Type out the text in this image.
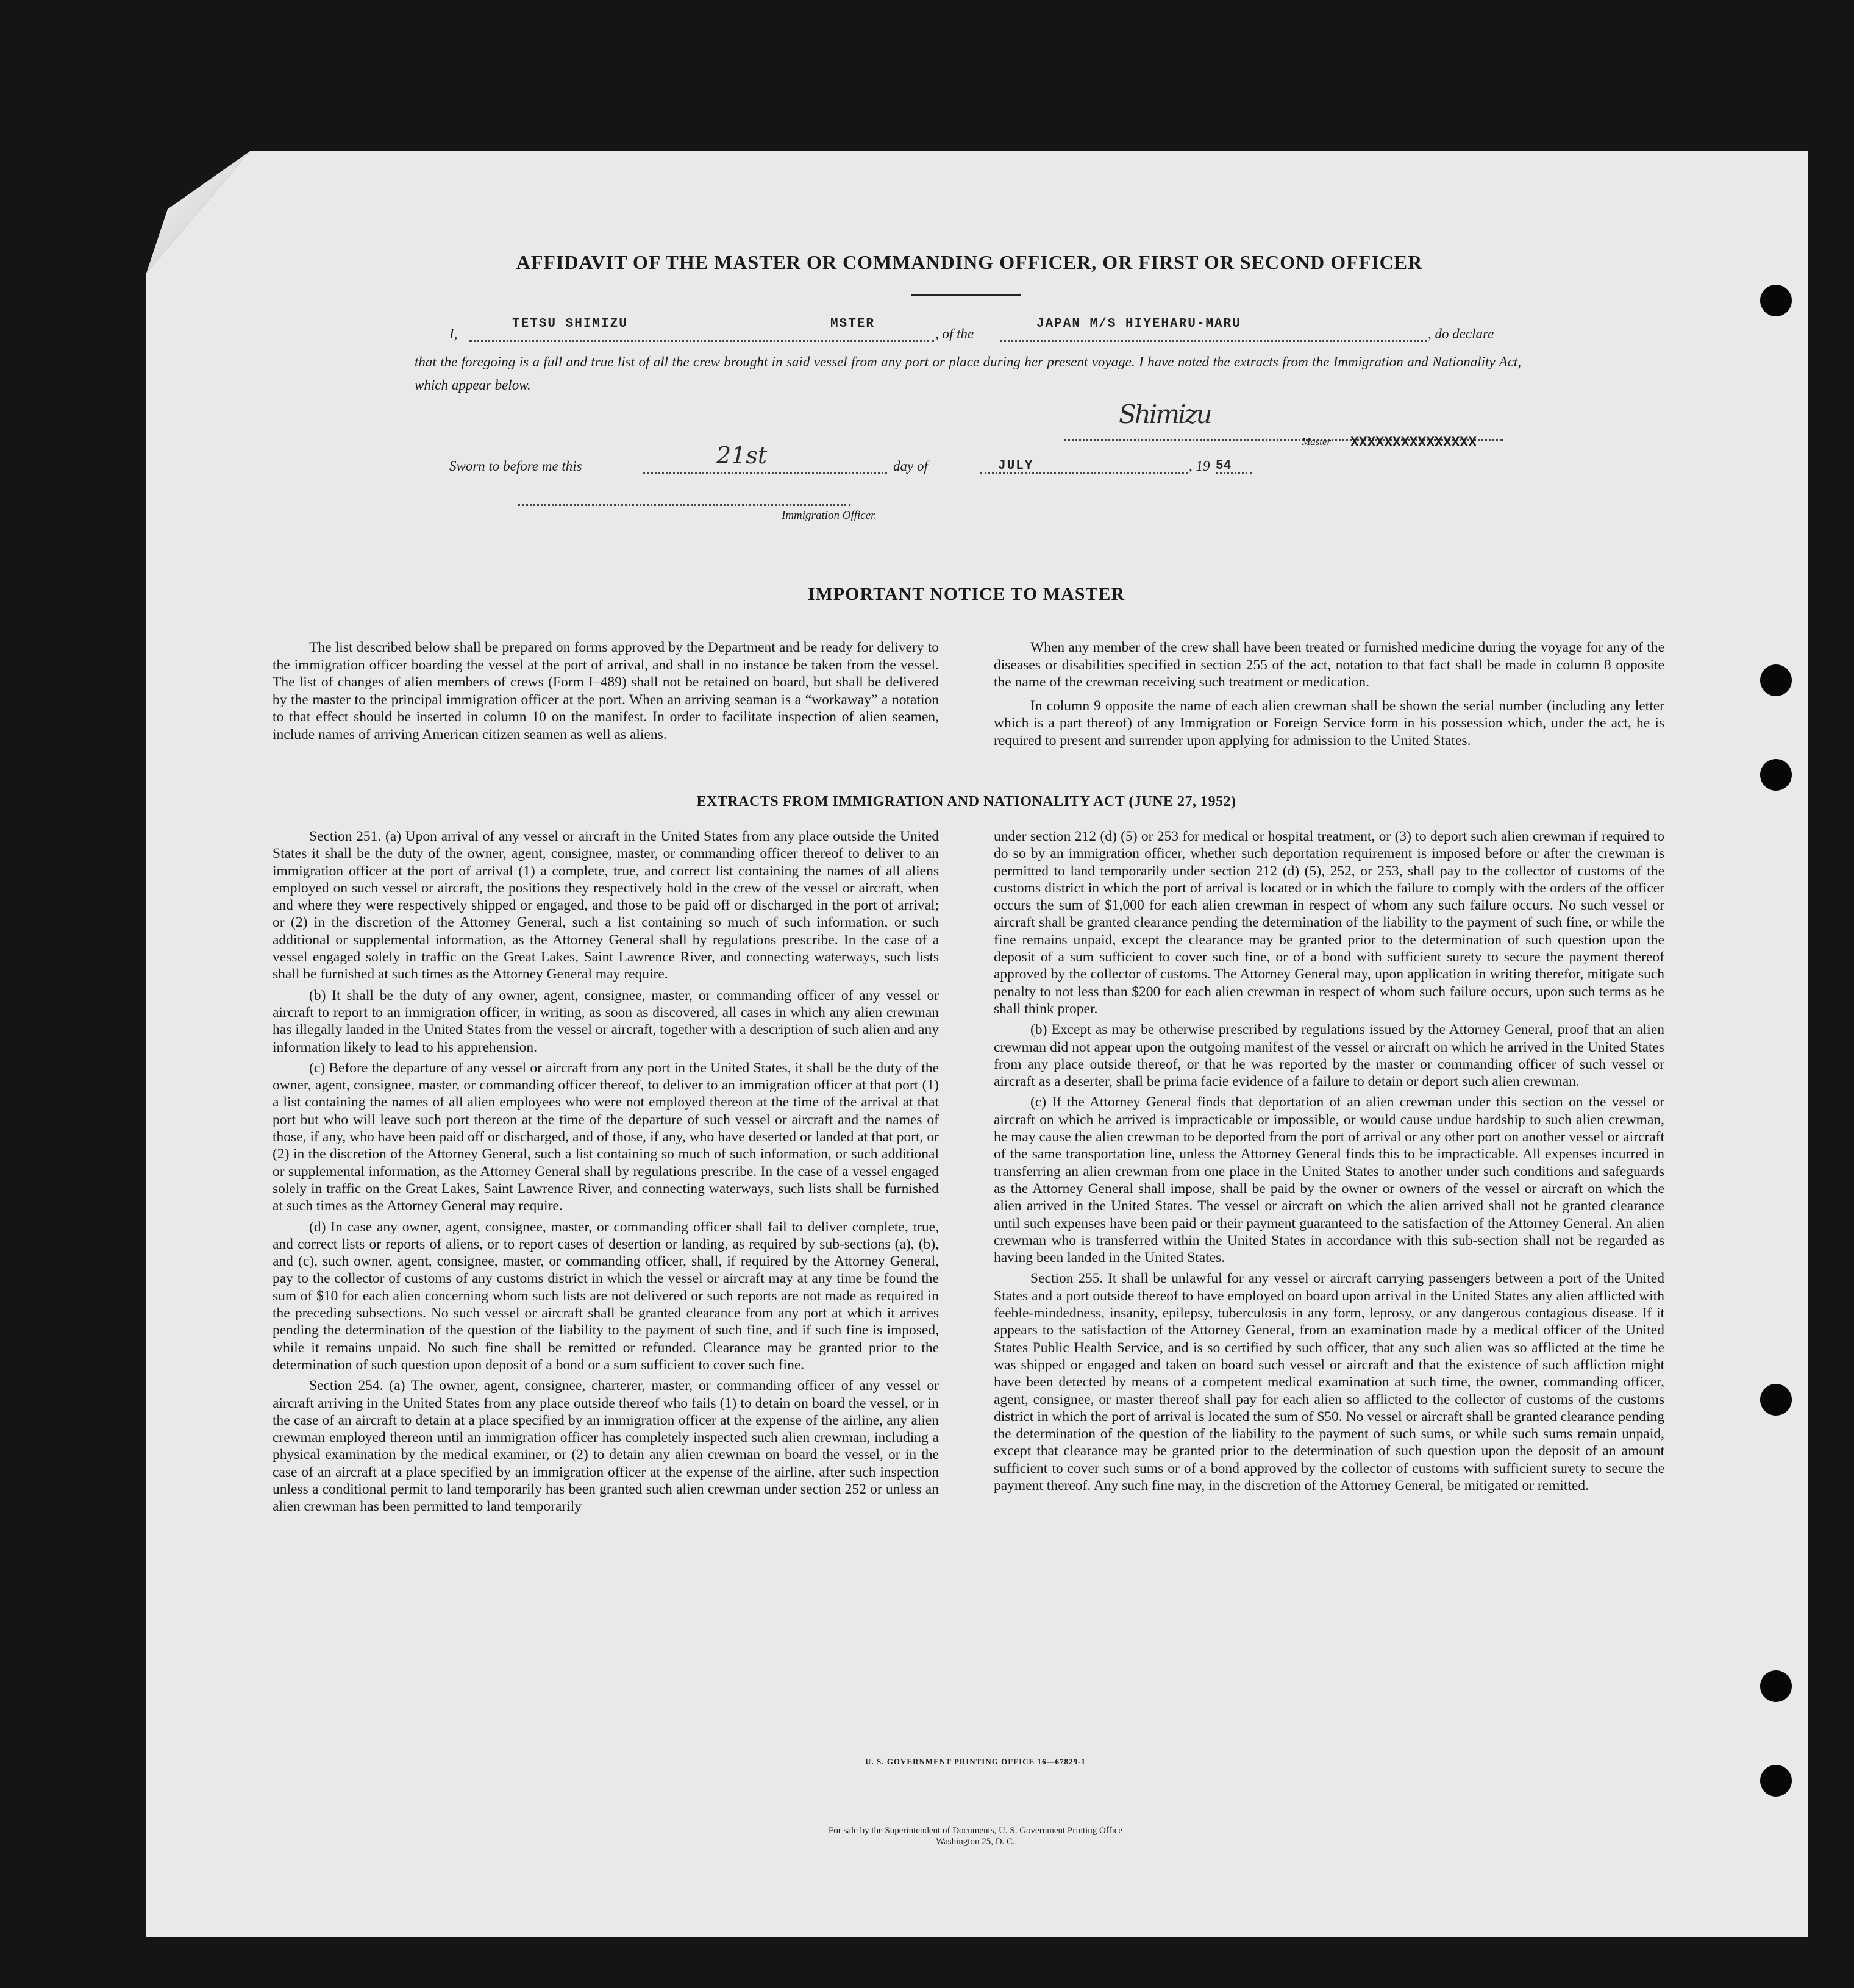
AFFIDAVIT OF THE MASTER OR COMMANDING OFFICER, OR FIRST OR SECOND OFFICER
I,
TETSU SHIMIZU	MSTER
, of the
JAPAN M/S HIYEHARU-MARU
, do declare
that the foregoing is a full and true list of all the crew brought in said vessel from any port or place during her present voyage. I have noted the extracts from the Immigration and Nationality Act, which appear below.
Shimizu
Master XXXXXXXXXXXXXXX
Sworn to before me this	21st	day of	JULY	, 19 54
Immigration Officer.
IMPORTANT NOTICE TO MASTER

The list described below shall be prepared on forms approved by the Department and be ready for delivery to the immigration officer boarding the vessel at the port of arrival, and shall in no instance be taken from the vessel. The list of changes of alien members of crews (Form I–489) shall not be retained on board, but shall be delivered by the master to the principal immigration officer at the port. When an arriving seaman is a “workaway” a notation to that effect should be inserted in column 10 on the manifest. In order to facilitate inspection of alien seamen, include names of arriving American citizen seamen as well as aliens.

When any member of the crew shall have been treated or furnished medicine during the voyage for any of the diseases or disabilities specified in section 255 of the act, notation to that fact shall be made in column 8 opposite the name of the crewman receiving such treatment or medication.

In column 9 opposite the name of each alien crewman shall be shown the serial number (including any letter which is a part thereof) of any Immigration or Foreign Service form in his possession which, under the act, he is required to present and surrender upon applying for admission to the United States.

EXTRACTS FROM IMMIGRATION AND NATIONALITY ACT (JUNE 27, 1952)

Section 251. (a) Upon arrival of any vessel or aircraft in the United States from any place outside the United States it shall be the duty of the owner, agent, consignee, master, or commanding officer thereof to deliver to an immigration officer at the port of arrival (1) a complete, true, and correct list containing the names of all aliens employed on such vessel or aircraft, the positions they respectively hold in the crew of the vessel or aircraft, when and where they were respectively shipped or engaged, and those to be paid off or discharged in the port of arrival; or (2) in the discretion of the Attorney General, such a list containing so much of such information, or such additional or supplemental information, as the Attorney General shall by regulations prescribe. In the case of a vessel engaged solely in traffic on the Great Lakes, Saint Lawrence River, and connecting waterways, such lists shall be furnished at such times as the Attorney General may require.

(b) It shall be the duty of any owner, agent, consignee, master, or commanding officer of any vessel or aircraft to report to an immigration officer, in writing, as soon as discovered, all cases in which any alien crewman has illegally landed in the United States from the vessel or aircraft, together with a description of such alien and any information likely to lead to his apprehension.

(c) Before the departure of any vessel or aircraft from any port in the United States, it shall be the duty of the owner, agent, consignee, master, or commanding officer thereof, to deliver to an immigration officer at that port (1) a list containing the names of all alien employees who were not employed thereon at the time of the arrival at that port but who will leave such port thereon at the time of the departure of such vessel or aircraft and the names of those, if any, who have been paid off or discharged, and of those, if any, who have deserted or landed at that port, or (2) in the discretion of the Attorney General, such a list containing so much of such information, or such additional or supplemental information, as the Attorney General shall by regulations prescribe. In the case of a vessel engaged solely in traffic on the Great Lakes, Saint Lawrence River, and connecting waterways, such lists shall be furnished at such times as the Attorney General may require.

(d) In case any owner, agent, consignee, master, or commanding officer shall fail to deliver complete, true, and correct lists or reports of aliens, or to report cases of desertion or landing, as required by sub-sections (a), (b), and (c), such owner, agent, consignee, master, or commanding officer, shall, if required by the Attorney General, pay to the collector of customs of any customs district in which the vessel or aircraft may at any time be found the sum of $10 for each alien concerning whom such lists are not delivered or such reports are not made as required in the preceding subsections. No such vessel or aircraft shall be granted clearance from any port at which it arrives pending the determination of the question of the liability to the payment of such fine, and if such fine is imposed, while it remains unpaid. No such fine shall be remitted or refunded. Clearance may be granted prior to the determination of such question upon deposit of a bond or a sum sufficient to cover such fine.

Section 254. (a) The owner, agent, consignee, charterer, master, or commanding officer of any vessel or aircraft arriving in the United States from any place outside thereof who fails (1) to detain on board the vessel, or in the case of an aircraft to detain at a place specified by an immigration officer at the expense of the airline, any alien crewman employed thereon until an immigration officer has completely inspected such alien crewman, including a physical examination by the medical examiner, or (2) to detain any alien crewman on board the vessel, or in the case of an aircraft at a place specified by an immigration officer at the expense of the airline, after such inspection unless a conditional permit to land temporarily has been granted such alien crewman under section 252 or unless an alien crewman has been permitted to land temporarily

under section 212 (d) (5) or 253 for medical or hospital treatment, or (3) to deport such alien crewman if required to do so by an immigration officer, whether such deportation requirement is imposed before or after the crewman is permitted to land temporarily under section 212 (d) (5), 252, or 253, shall pay to the collector of customs of the customs district in which the port of arrival is located or in which the failure to comply with the orders of the officer occurs the sum of $1,000 for each alien crewman in respect of whom any such failure occurs. No such vessel or aircraft shall be granted clearance pending the determination of the liability to the payment of such fine, or while the fine remains unpaid, except the clearance may be granted prior to the determination of such question upon the deposit of a sum sufficient to cover such fine, or of a bond with sufficient surety to secure the payment thereof approved by the collector of customs. The Attorney General may, upon application in writing therefor, mitigate such penalty to not less than $200 for each alien crewman in respect of whom such failure occurs, upon such terms as he shall think proper.

(b) Except as may be otherwise prescribed by regulations issued by the Attorney General, proof that an alien crewman did not appear upon the outgoing manifest of the vessel or aircraft on which he arrived in the United States from any place outside thereof, or that he was reported by the master or commanding officer of such vessel or aircraft as a deserter, shall be prima facie evidence of a failure to detain or deport such alien crewman.

(c) If the Attorney General finds that deportation of an alien crewman under this section on the vessel or aircraft on which he arrived is impracticable or impossible, or would cause undue hardship to such alien crewman, he may cause the alien crewman to be deported from the port of arrival or any other port on another vessel or aircraft of the same transportation line, unless the Attorney General finds this to be impracticable. All expenses incurred in transferring an alien crewman from one place in the United States to another under such conditions and safeguards as the Attorney General shall impose, shall be paid by the owner or owners of the vessel or aircraft on which the alien arrived in the United States. The vessel or aircraft on which the alien arrived shall not be granted clearance until such expenses have been paid or their payment guaranteed to the satisfaction of the Attorney General. An alien crewman who is transferred within the United States in accordance with this sub-section shall not be regarded as having been landed in the United States.

Section 255. It shall be unlawful for any vessel or aircraft carrying passengers between a port of the United States and a port outside thereof to have employed on board upon arrival in the United States any alien afflicted with feeble-mindedness, insanity, epilepsy, tuberculosis in any form, leprosy, or any dangerous contagious disease. If it appears to the satisfaction of the Attorney General, from an examination made by a medical officer of the United States Public Health Service, and is so certified by such officer, that any such alien was so afflicted at the time he was shipped or engaged and taken on board such vessel or aircraft and that the existence of such affliction might have been detected by means of a competent medical examination at such time, the owner, commanding officer, agent, consignee, or master thereof shall pay for each alien so afflicted to the collector of customs of the customs district in which the port of arrival is located the sum of $50. No vessel or aircraft shall be granted clearance pending the determination of the question of the liability to the payment of such sums, or while such sums remain unpaid, except that clearance may be granted prior to the determination of such question upon the deposit of an amount sufficient to cover such sums or of a bond approved by the collector of customs with sufficient surety to secure the payment thereof. Any such fine may, in the discretion of the Attorney General, be mitigated or remitted.

U. S. GOVERNMENT PRINTING OFFICE 16—67829-1
For sale by the Superintendent of Documents, U. S. Government Printing Office
Washington 25, D. C.
